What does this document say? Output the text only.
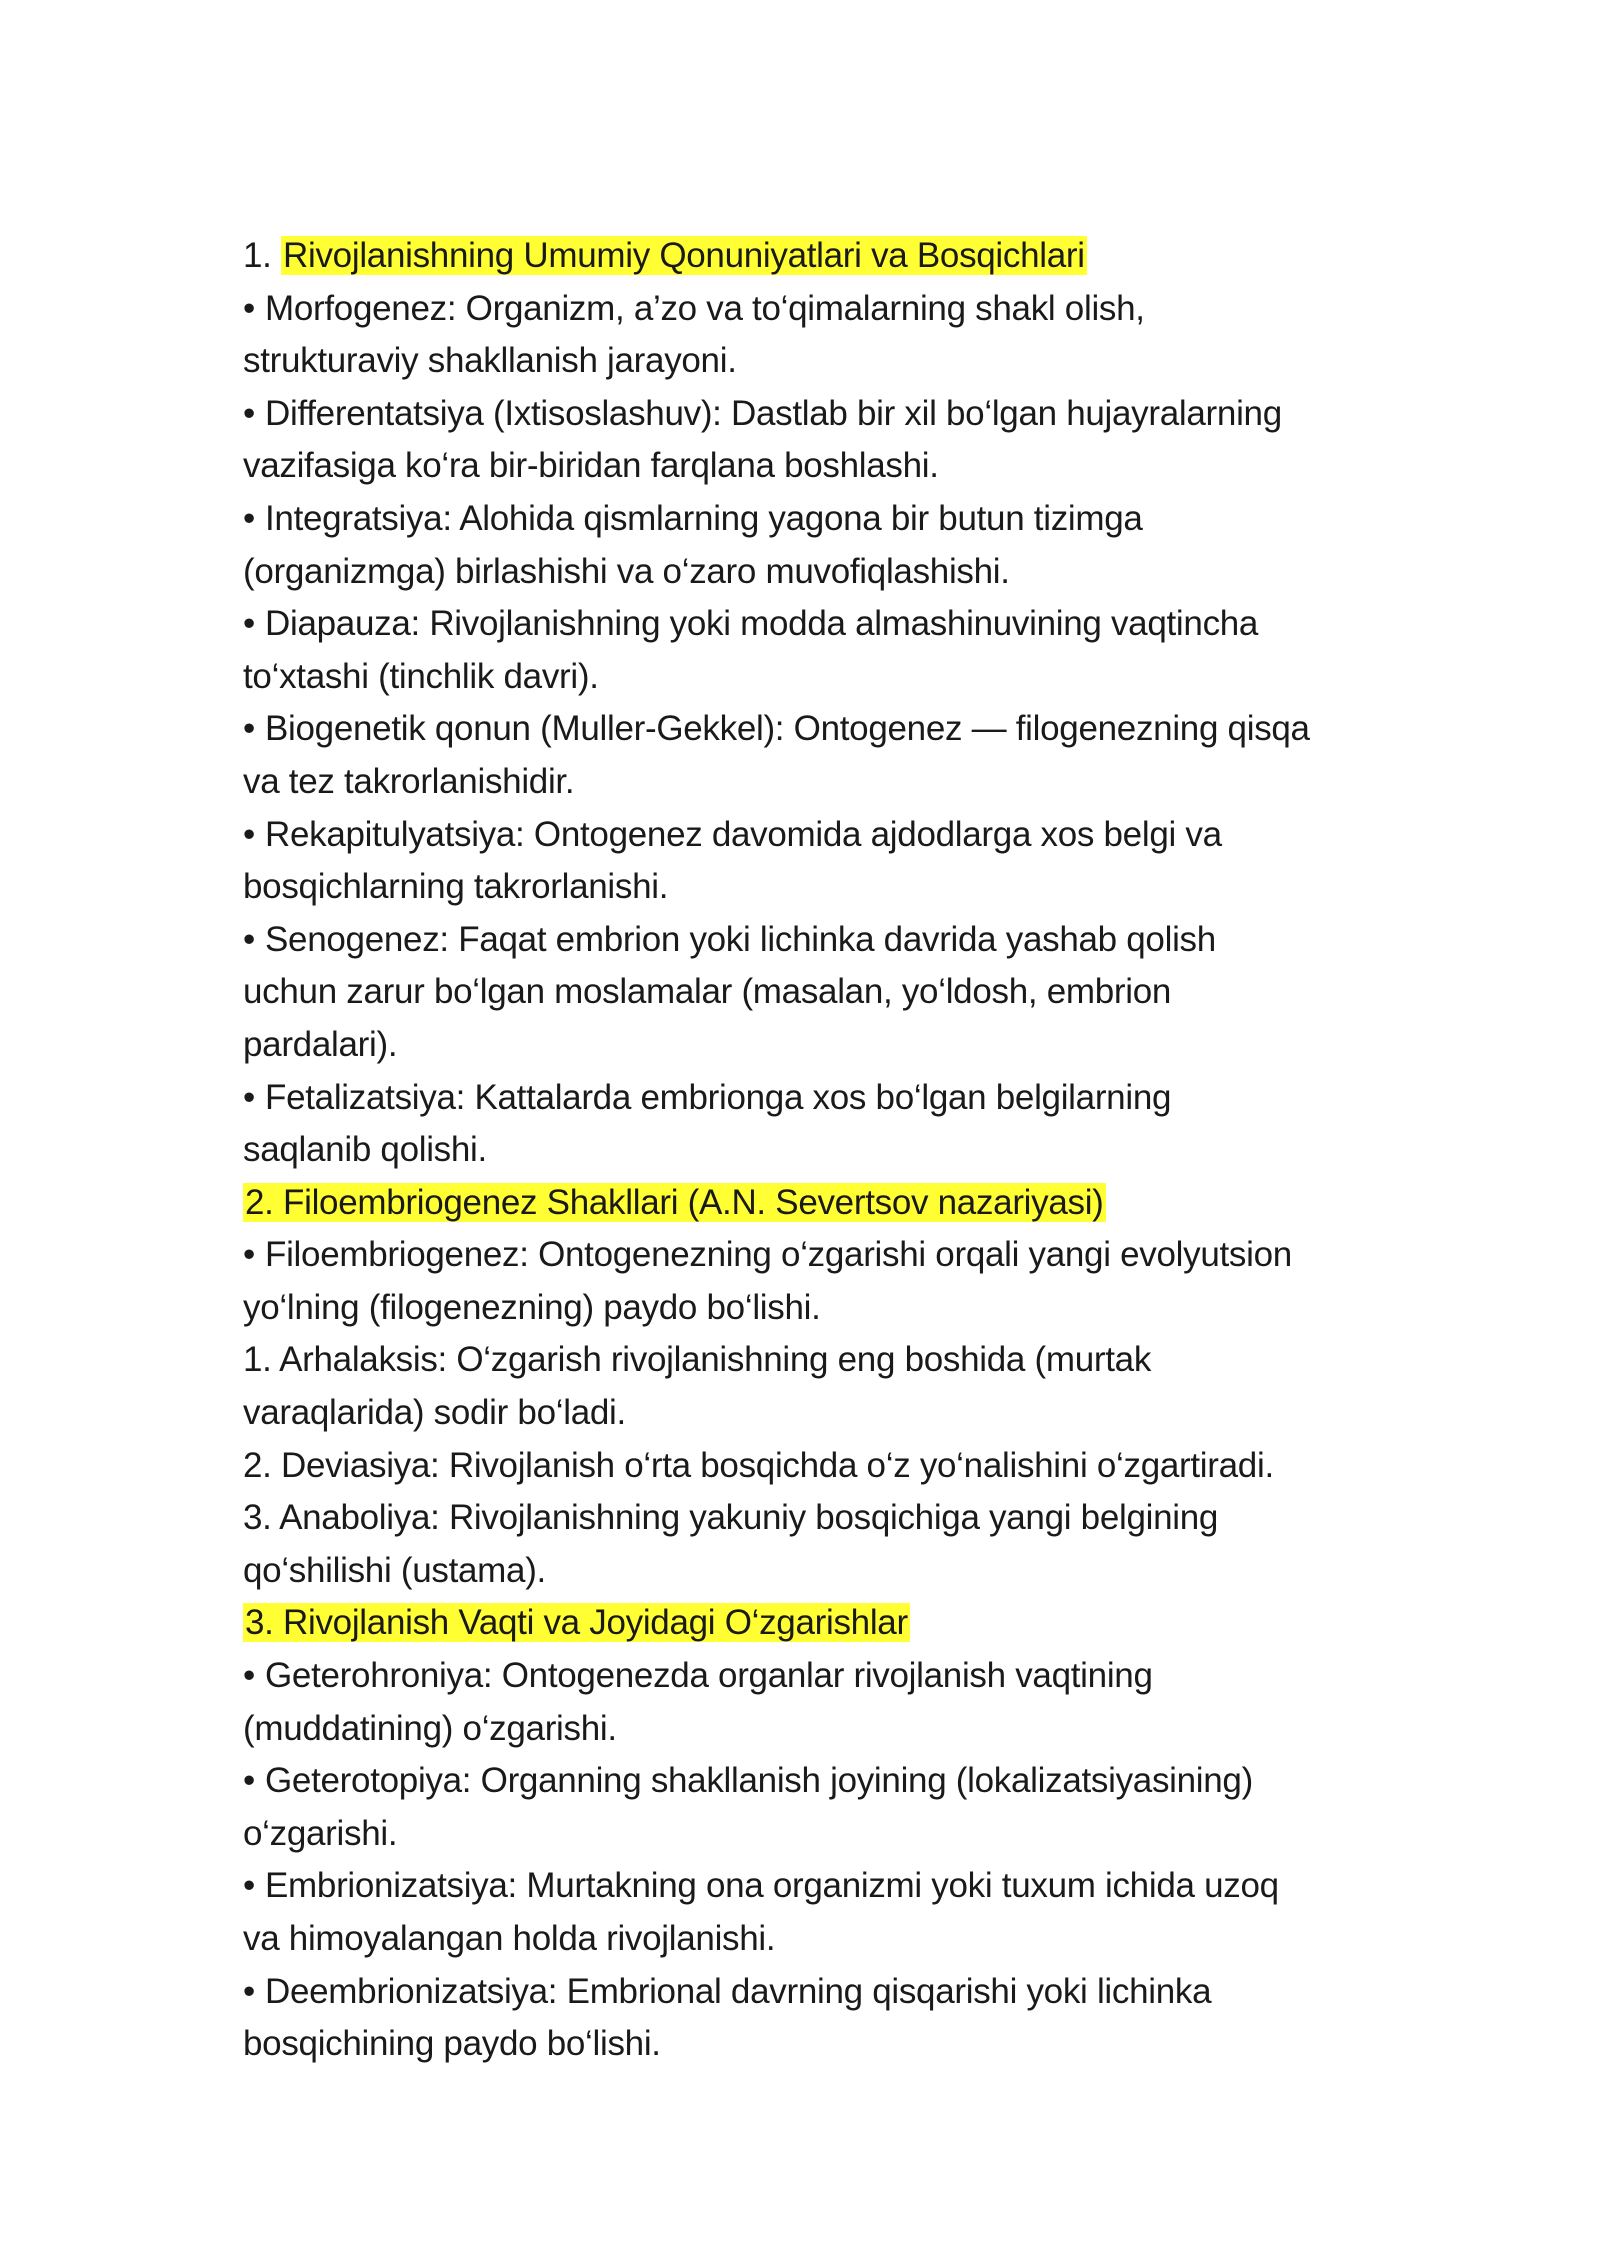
1. Rivojlanishning Umumiy Qonuniyatlari va Bosqichlari
• Morfogenez: Organizm, a’zo va to‘qimalarning shakl olish,
strukturaviy shakllanish jarayoni.
• Differentatsiya (Ixtisoslashuv): Dastlab bir xil bo‘lgan hujayralarning
vazifasiga ko‘ra bir-biridan farqlana boshlashi.
• Integratsiya: Alohida qismlarning yagona bir butun tizimga
(organizmga) birlashishi va o‘zaro muvofiqlashishi.
• Diapauza: Rivojlanishning yoki modda almashinuvining vaqtincha
to‘xtashi (tinchlik davri).
• Biogenetik qonun (Muller-Gekkel): Ontogenez — filogenezning qisqa
va tez takrorlanishidir.
• Rekapitulyatsiya: Ontogenez davomida ajdodlarga xos belgi va
bosqichlarning takrorlanishi.
• Senogenez: Faqat embrion yoki lichinka davrida yashab qolish
uchun zarur bo‘lgan moslamalar (masalan, yo‘ldosh, embrion
pardalari).
• Fetalizatsiya: Kattalarda embrionga xos bo‘lgan belgilarning
saqlanib qolishi.
2. Filoembriogenez Shakllari (A.N. Severtsov nazariyasi)
• Filoembriogenez: Ontogenezning o‘zgarishi orqali yangi evolyutsion
yo‘lning (filogenezning) paydo bo‘lishi.
1. Arhalaksis: O‘zgarish rivojlanishning eng boshida (murtak
varaqlarida) sodir bo‘ladi.
2. Deviasiya: Rivojlanish o‘rta bosqichda o‘z yo‘nalishini o‘zgartiradi.
3. Anaboliya: Rivojlanishning yakuniy bosqichiga yangi belgining
qo‘shilishi (ustama).
3. Rivojlanish Vaqti va Joyidagi O‘zgarishlar
• Geterohroniya: Ontogenezda organlar rivojlanish vaqtining
(muddatining) o‘zgarishi.
• Geterotopiya: Organning shakllanish joyining (lokalizatsiyasining)
o‘zgarishi.
• Embrionizatsiya: Murtakning ona organizmi yoki tuxum ichida uzoq
va himoyalangan holda rivojlanishi.
• Deembrionizatsiya: Embrional davrning qisqarishi yoki lichinka
bosqichining paydo bo‘lishi.
